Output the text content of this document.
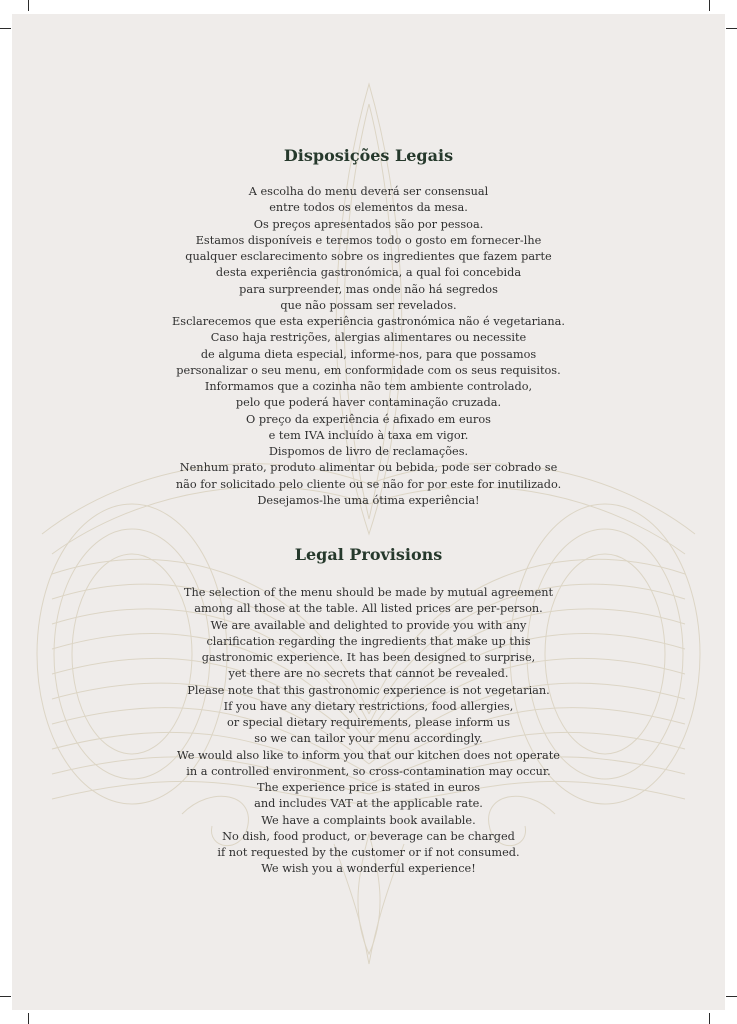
Disposições Legais
A escolha do menu deverá ser consensual
entre todos os elementos da mesa.
Os preços apresentados são por pessoa.
Estamos disponíveis e teremos todo o gosto em fornecer-lhe
qualquer esclarecimento sobre os ingredientes que fazem parte
desta experiência gastronómica, a qual foi concebida
para surpreender, mas onde não há segredos
que não possam ser revelados.
Esclarecemos que esta experiência gastronómica não é vegetariana.
Caso haja restrições, alergias alimentares ou necessite
de alguma dieta especial, informe-nos, para que possamos
personalizar o seu menu, em conformidade com os seus requisitos.
Informamos que a cozinha não tem ambiente controlado,
pelo que poderá haver contaminação cruzada.
O preço da experiência é afixado em euros
e tem IVA incluído à taxa em vigor.
Dispomos de livro de reclamações.
Nenhum prato, produto alimentar ou bebida, pode ser cobrado se
não for solicitado pelo cliente ou se não for por este for inutilizado.
Desejamos-lhe uma ótima experiência!
Legal Provisions
The selection of the menu should be made by mutual agreement
among all those at the table. All listed prices are per-person.
We are available and delighted to provide you with any
clarification regarding the ingredients that make up this
gastronomic experience. It has been designed to surprise,
yet there are no secrets that cannot be revealed.
Please note that this gastronomic experience is not vegetarian.
If you have any dietary restrictions, food allergies,
or special dietary requirements, please inform us
so we can tailor your menu accordingly.
We would also like to inform you that our kitchen does not operate
in a controlled environment, so cross-contamination may occur.
The experience price is stated in euros
and includes VAT at the applicable rate.
We have a complaints book available.
No dish, food product, or beverage can be charged
if not requested by the customer or if not consumed.
We wish you a wonderful experience!
